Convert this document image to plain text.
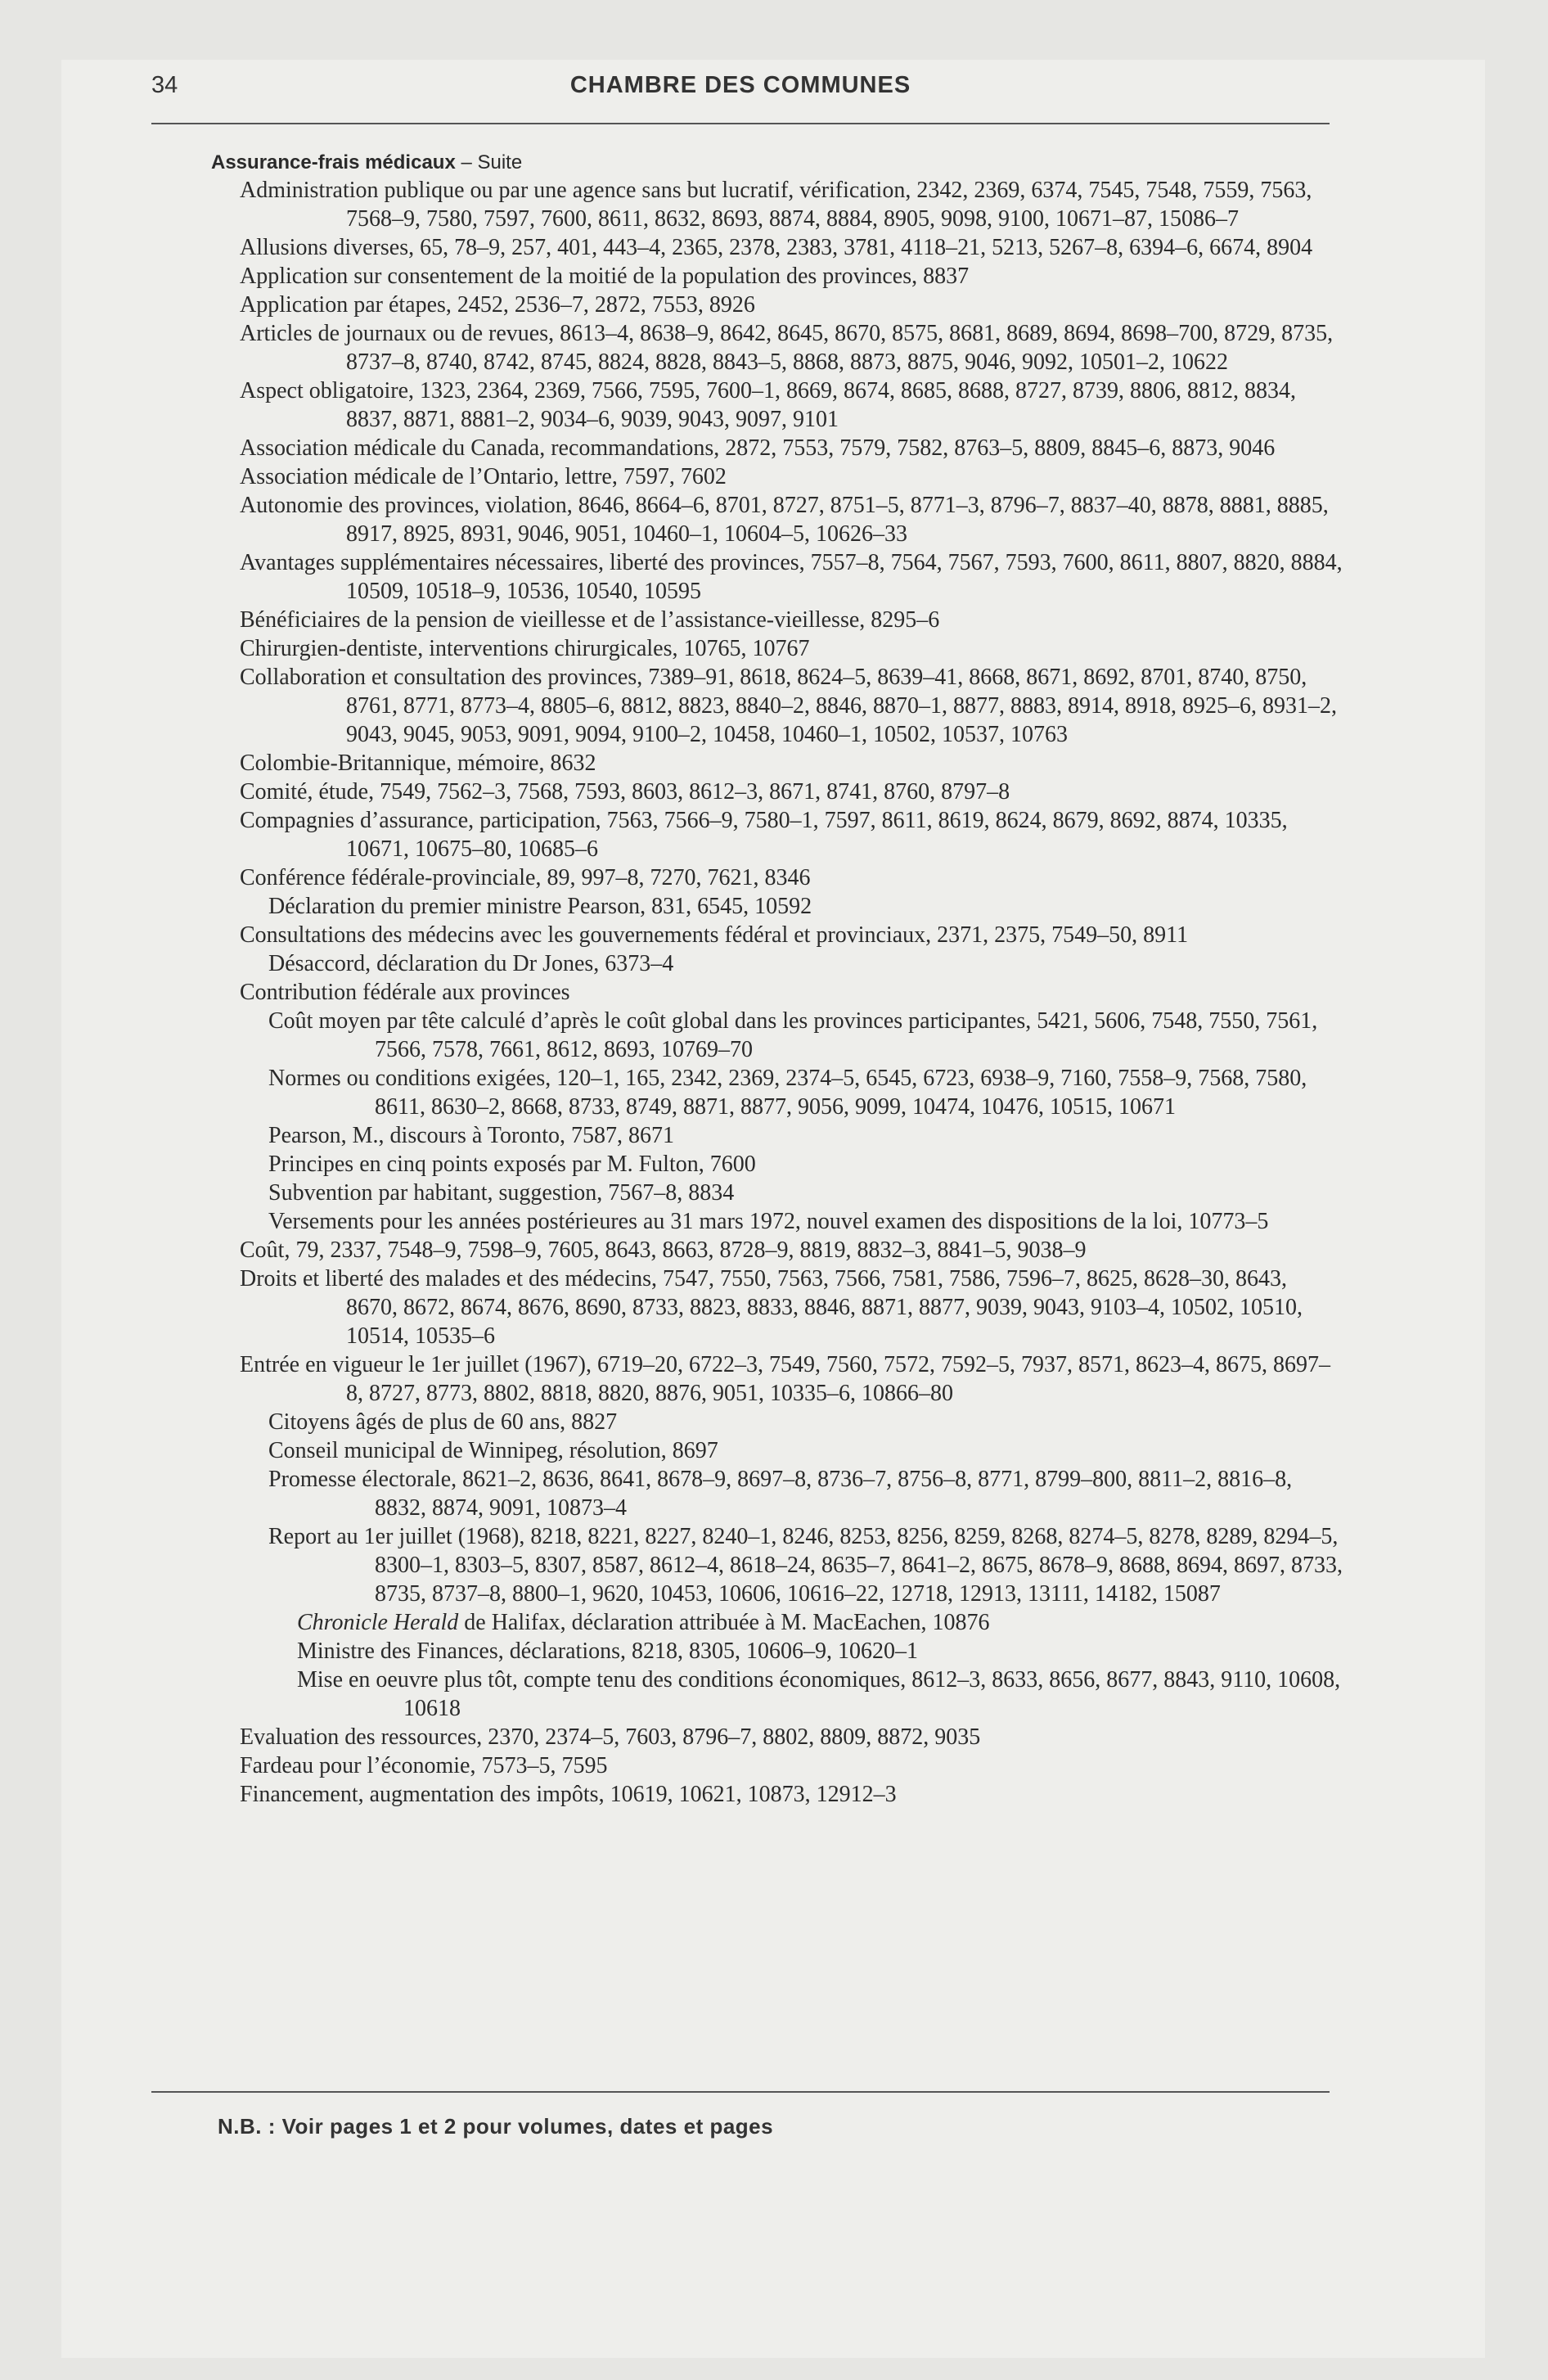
34	CHAMBRE DES COMMUNES
Assurance-frais médicaux – Suite
Administration publique ou par une agence sans but lucratif, vérification, 2342, 2369, 6374, 7545, 7548, 7559, 7563, 7568–9, 7580, 7597, 7600, 8611, 8632, 8693, 8874, 8884, 8905, 9098, 9100, 10671–87, 15086–7
Allusions diverses, 65, 78–9, 257, 401, 443–4, 2365, 2378, 2383, 3781, 4118–21, 5213, 5267–8, 6394–6, 6674, 8904
Application sur consentement de la moitié de la population des provinces, 8837
Application par étapes, 2452, 2536–7, 2872, 7553, 8926
Articles de journaux ou de revues, 8613–4, 8638–9, 8642, 8645, 8670, 8575, 8681, 8689, 8694, 8698–700, 8729, 8735, 8737–8, 8740, 8742, 8745, 8824, 8828, 8843–5, 8868, 8873, 8875, 9046, 9092, 10501–2, 10622
Aspect obligatoire, 1323, 2364, 2369, 7566, 7595, 7600–1, 8669, 8674, 8685, 8688, 8727, 8739, 8806, 8812, 8834, 8837, 8871, 8881–2, 9034–6, 9039, 9043, 9097, 9101
Association médicale du Canada, recommandations, 2872, 7553, 7579, 7582, 8763–5, 8809, 8845–6, 8873, 9046
Association médicale de l’Ontario, lettre, 7597, 7602
Autonomie des provinces, violation, 8646, 8664–6, 8701, 8727, 8751–5, 8771–3, 8796–7, 8837–40, 8878, 8881, 8885, 8917, 8925, 8931, 9046, 9051, 10460–1, 10604–5, 10626–33
Avantages supplémentaires nécessaires, liberté des provinces, 7557–8, 7564, 7567, 7593, 7600, 8611, 8807, 8820, 8884, 10509, 10518–9, 10536, 10540, 10595
Bénéficiaires de la pension de vieillesse et de l’assistance-vieillesse, 8295–6
Chirurgien-dentiste, interventions chirurgicales, 10765, 10767
Collaboration et consultation des provinces, 7389–91, 8618, 8624–5, 8639–41, 8668, 8671, 8692, 8701, 8740, 8750, 8761, 8771, 8773–4, 8805–6, 8812, 8823, 8840–2, 8846, 8870–1, 8877, 8883, 8914, 8918, 8925–6, 8931–2, 9043, 9045, 9053, 9091, 9094, 9100–2, 10458, 10460–1, 10502, 10537, 10763
Colombie-Britannique, mémoire, 8632
Comité, étude, 7549, 7562–3, 7568, 7593, 8603, 8612–3, 8671, 8741, 8760, 8797–8
Compagnies d’assurance, participation, 7563, 7566–9, 7580–1, 7597, 8611, 8619, 8624, 8679, 8692, 8874, 10335, 10671, 10675–80, 10685–6
Conférence fédérale-provinciale, 89, 997–8, 7270, 7621, 8346
Déclaration du premier ministre Pearson, 831, 6545, 10592
Consultations des médecins avec les gouvernements fédéral et provinciaux, 2371, 2375, 7549–50, 8911
Désaccord, déclaration du Dr Jones, 6373–4
Contribution fédérale aux provinces
Coût moyen par tête calculé d’après le coût global dans les provinces participantes, 5421, 5606, 7548, 7550, 7561, 7566, 7578, 7661, 8612, 8693, 10769–70
Normes ou conditions exigées, 120–1, 165, 2342, 2369, 2374–5, 6545, 6723, 6938–9, 7160, 7558–9, 7568, 7580, 8611, 8630–2, 8668, 8733, 8749, 8871, 8877, 9056, 9099, 10474, 10476, 10515, 10671
Pearson, M., discours à Toronto, 7587, 8671
Principes en cinq points exposés par M. Fulton, 7600
Subvention par habitant, suggestion, 7567–8, 8834
Versements pour les années postérieures au 31 mars 1972, nouvel examen des dispositions de la loi, 10773–5
Coût, 79, 2337, 7548–9, 7598–9, 7605, 8643, 8663, 8728–9, 8819, 8832–3, 8841–5, 9038–9
Droits et liberté des malades et des médecins, 7547, 7550, 7563, 7566, 7581, 7586, 7596–7, 8625, 8628–30, 8643, 8670, 8672, 8674, 8676, 8690, 8733, 8823, 8833, 8846, 8871, 8877, 9039, 9043, 9103–4, 10502, 10510, 10514, 10535–6
Entrée en vigueur le 1er juillet (1967), 6719–20, 6722–3, 7549, 7560, 7572, 7592–5, 7937, 8571, 8623–4, 8675, 8697–8, 8727, 8773, 8802, 8818, 8820, 8876, 9051, 10335–6, 10866–80
Citoyens âgés de plus de 60 ans, 8827
Conseil municipal de Winnipeg, résolution, 8697
Promesse électorale, 8621–2, 8636, 8641, 8678–9, 8697–8, 8736–7, 8756–8, 8771, 8799–800, 8811–2, 8816–8, 8832, 8874, 9091, 10873–4
Report au 1er juillet (1968), 8218, 8221, 8227, 8240–1, 8246, 8253, 8256, 8259, 8268, 8274–5, 8278, 8289, 8294–5, 8300–1, 8303–5, 8307, 8587, 8612–4, 8618–24, 8635–7, 8641–2, 8675, 8678–9, 8688, 8694, 8697, 8733, 8735, 8737–8, 8800–1, 9620, 10453, 10606, 10616–22, 12718, 12913, 13111, 14182, 15087
Chronicle Herald de Halifax, déclaration attribuée à M. MacEachen, 10876
Ministre des Finances, déclarations, 8218, 8305, 10606–9, 10620–1
Mise en oeuvre plus tôt, compte tenu des conditions économiques, 8612–3, 8633, 8656, 8677, 8843, 9110, 10608, 10618
Evaluation des ressources, 2370, 2374–5, 7603, 8796–7, 8802, 8809, 8872, 9035
Fardeau pour l’économie, 7573–5, 7595
Financement, augmentation des impôts, 10619, 10621, 10873, 12912–3
N.B. : Voir pages 1 et 2 pour volumes, dates et pages
